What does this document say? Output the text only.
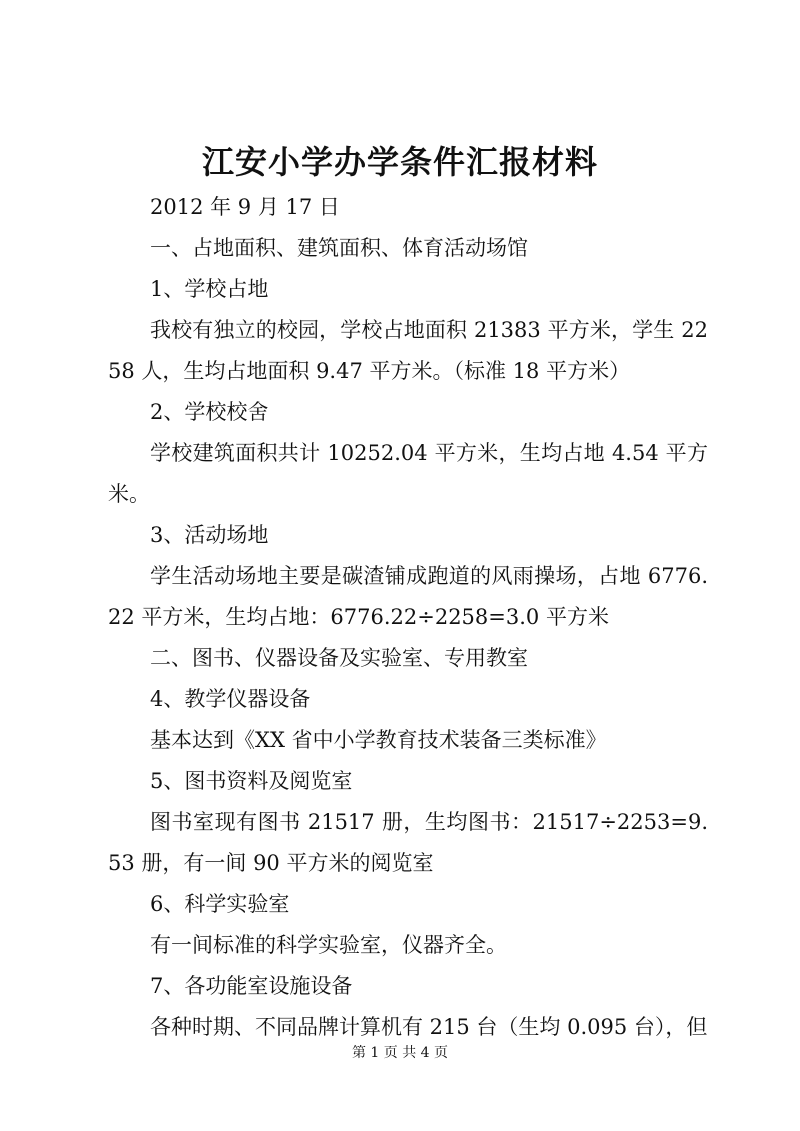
江安小学办学条件汇报材料

2012 年 9 月 17 日

一、占地面积、建筑面积、体育活动场馆

1、学校占地

我校有独立的校园，学校占地面积 21383 平方米，学生 2258 人，生均占地面积 9.47 平方米。（标准 18 平方米）

2、学校校舍

学校建筑面积共计 10252.04 平方米，生均占地 4.54 平方米。

3、活动场地

学生活动场地主要是碳渣铺成跑道的风雨操场，占地 6776.22 平方米，生均占地：6776.22÷2258=3.0 平方米

二、图书、仪器设备及实验室、专用教室

4、教学仪器设备

基本达到《XX 省中小学教育技术装备三类标准》

5、图书资料及阅览室

图书室现有图书 21517 册，生均图书：21517÷2253=9.53 册，有一间 90 平方米的阅览室

6、科学实验室

有一间标准的科学实验室，仪器齐全。

7、各功能室设施设备

各种时期、不同品牌计算机有 215 台（生均 0.095 台），但

第 1 页 共 4 页
